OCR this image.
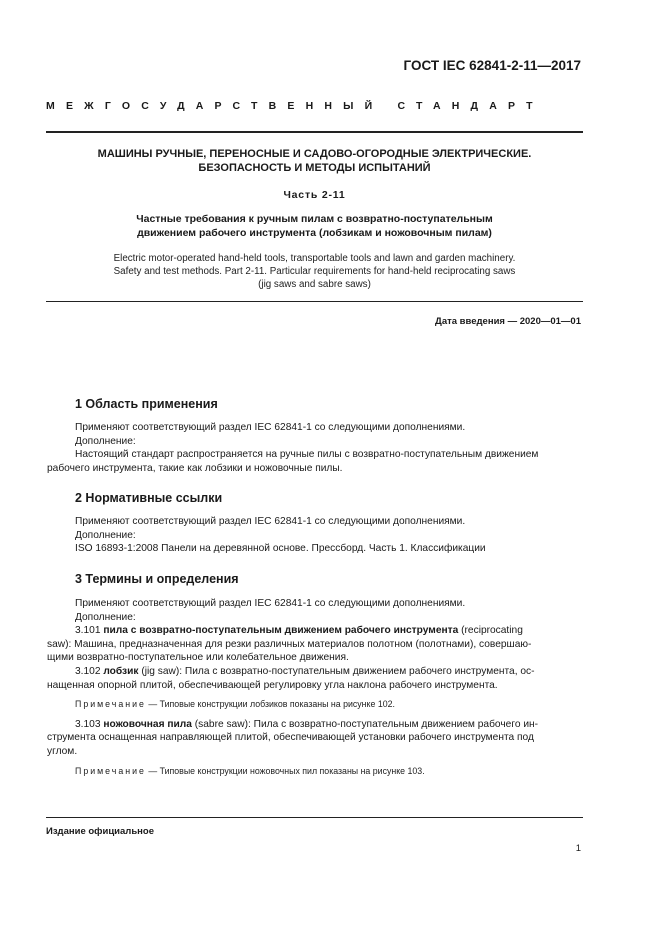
ГОСТ IEC 62841-2-11—2017
МЕЖГОСУДАРСТВЕННЫЙ СТАНДАРТ
МАШИНЫ РУЧНЫЕ, ПЕРЕНОСНЫЕ И САДОВО-ОГОРОДНЫЕ ЭЛЕКТРИЧЕСКИЕ.
БЕЗОПАСНОСТЬ И МЕТОДЫ ИСПЫТАНИЙ
Часть 2-11
Частные требования к ручным пилам с возвратно-поступательным
движением рабочего инструмента (лобзикам и ножовочным пилам)
Electric motor-operated hand-held tools, transportable tools and lawn and garden machinery.
Safety and test methods. Part 2-11. Particular requirements for hand-held reciprocating saws
(jig saws and sabre saws)
Дата введения — 2020—01—01
1 Область применения

Применяют соответствующий раздел IEC 62841-1 со следующими дополнениями.

Дополнение:

Настоящий стандарт распространяется на ручные пилы с возвратно-поступательным движением

рабочего инструмента, такие как лобзики и ножовочные пилы.

2 Нормативные ссылки

Применяют соответствующий раздел IEC 62841-1 со следующими дополнениями.

Дополнение:

ISO 16893-1:2008 Панели на деревянной основе. Прессборд. Часть 1. Классификации

3 Термины и определения

Применяют соответствующий раздел IEC 62841-1 со следующими дополнениями.

Дополнение:

3.101 пила с возвратно-поступательным движением рабочего инструмента (reciprocating

saw): Машина, предназначенная для резки различных материалов полотном (полотнами), совершаю-

щими возвратно-поступательное или колебательное движения.

3.102 лобзик (jig saw): Пила с возвратно-поступательным движением рабочего инструмента, ос-

нащенная опорной плитой, обеспечивающей регулировку угла наклона рабочего инструмента.

Примечание — Типовые конструкции лобзиков показаны на рисунке 102.

3.103 ножовочная пила (sabre saw): Пила с возвратно-поступательным движением рабочего ин-

струмента оснащенная направляющей плитой, обеспечивающей установки рабочего инструмента под

углом.

Примечание — Типовые конструкции ножовочных пил показаны на рисунке 103.

Издание официальное
1
